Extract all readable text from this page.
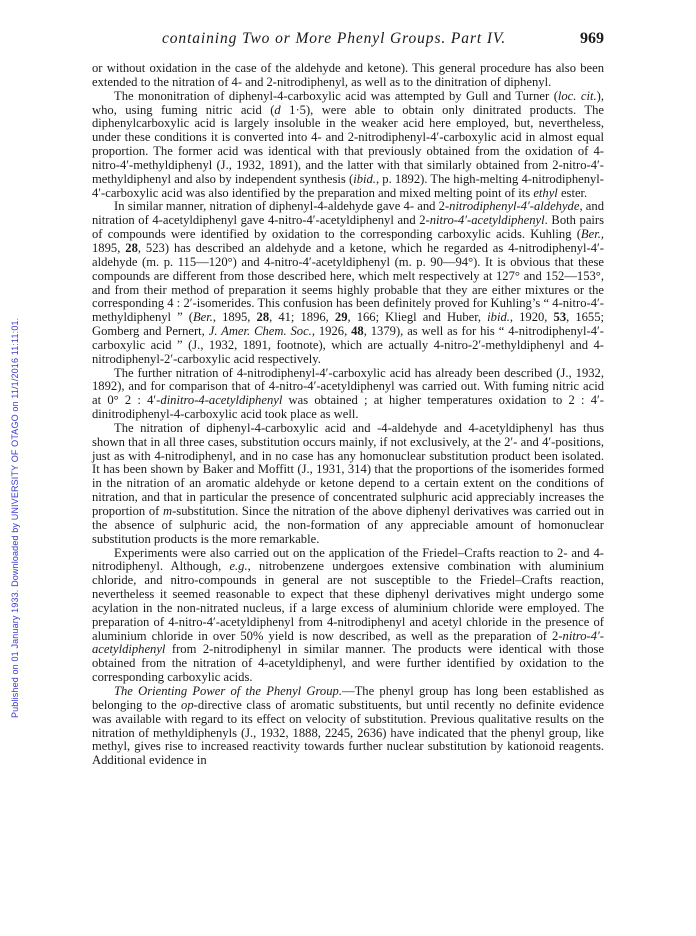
containing Two or More Phenyl Groups. Part IV.	969
Published on 01 January 1933. Downloaded by UNIVERSITY OF OTAGO on 11/1/2016 11:11:01.

or without oxidation in the case of the aldehyde and ketone). This general procedure has also been extended to the nitration of 4- and 2-nitrodiphenyl, as well as to the dinitration of diphenyl.

The mononitration of diphenyl-4-carboxylic acid was attempted by Gull and Turner (loc. cit.), who, using fuming nitric acid (d 1·5), were able to obtain only dinitrated products. The diphenylcarboxylic acid is largely insoluble in the weaker acid here employed, but, nevertheless, under these conditions it is converted into 4- and 2-nitrodiphenyl-4′-carboxylic acid in almost equal proportion. The former acid was identical with that previously obtained from the oxidation of 4-nitro-4′-methyldiphenyl (J., 1932, 1891), and the latter with that similarly obtained from 2-nitro-4′-methyldiphenyl and also by independent synthesis (ibid., p. 1892). The high-melting 4-nitrodiphenyl-4′-carboxylic acid was also identified by the preparation and mixed melting point of its ethyl ester.

In similar manner, nitration of diphenyl-4-aldehyde gave 4- and 2-nitrodiphenyl-4′-aldehyde, and nitration of 4-acetyldiphenyl gave 4-nitro-4′-acetyldiphenyl and 2-nitro-4′-acetyldiphenyl. Both pairs of compounds were identified by oxidation to the corresponding carboxylic acids. Kuhling (Ber., 1895, 28, 523) has described an aldehyde and a ketone, which he regarded as 4-nitrodiphenyl-4′-aldehyde (m. p. 115—120°) and 4-nitro-4′-acetyldiphenyl (m. p. 90—94°). It is obvious that these compounds are different from those described here, which melt respectively at 127° and 152—153°, and from their method of preparation it seems highly probable that they are either mixtures or the corresponding 4 : 2′-isomerides. This confusion has been definitely proved for Kuhling’s “ 4-nitro-4′-methyldiphenyl ” (Ber., 1895, 28, 41; 1896, 29, 166; Kliegl and Huber, ibid., 1920, 53, 1655; Gomberg and Pernert, J. Amer. Chem. Soc., 1926, 48, 1379), as well as for his “ 4-nitrodiphenyl-4′-carboxylic acid ” (J., 1932, 1891, footnote), which are actually 4-nitro-2′-methyldiphenyl and 4-nitrodiphenyl-2′-carboxylic acid respectively.

The further nitration of 4-nitrodiphenyl-4′-carboxylic acid has already been described (J., 1932, 1892), and for comparison that of 4-nitro-4′-acetyldiphenyl was carried out. With fuming nitric acid at 0° 2 : 4′-dinitro-4-acetyldiphenyl was obtained ; at higher temperatures oxidation to 2 : 4′-dinitrodiphenyl-4-carboxylic acid took place as well.

The nitration of diphenyl-4-carboxylic acid and -4-aldehyde and 4-acetyldiphenyl has thus shown that in all three cases, substitution occurs mainly, if not exclusively, at the 2′- and 4′-positions, just as with 4-nitrodiphenyl, and in no case has any homonuclear substitution product been isolated. It has been shown by Baker and Moffitt (J., 1931, 314) that the proportions of the isomerides formed in the nitration of an aromatic aldehyde or ketone depend to a certain extent on the conditions of nitration, and that in particular the presence of concentrated sulphuric acid appreciably increases the proportion of m-substitution. Since the nitration of the above diphenyl derivatives was carried out in the absence of sulphuric acid, the non-formation of any appreciable amount of homonuclear substitution products is the more remarkable.

Experiments were also carried out on the application of the Friedel–Crafts reaction to 2- and 4-nitrodiphenyl. Although, e.g., nitrobenzene undergoes extensive combination with aluminium chloride, and nitro-compounds in general are not susceptible to the Friedel–Crafts reaction, nevertheless it seemed reasonable to expect that these diphenyl derivatives might undergo some acylation in the non-nitrated nucleus, if a large excess of aluminium chloride were employed. The preparation of 4-nitro-4′-acetyldiphenyl from 4-nitrodiphenyl and acetyl chloride in the presence of aluminium chloride in over 50% yield is now described, as well as the preparation of 2-nitro-4′-acetyldiphenyl from 2-nitrodiphenyl in similar manner. The products were identical with those obtained from the nitration of 4-acetyldiphenyl, and were further identified by oxidation to the corresponding carboxylic acids.

The Orienting Power of the Phenyl Group.—The phenyl group has long been established as belonging to the op-directive class of aromatic substituents, but until recently no definite evidence was available with regard to its effect on velocity of substitution. Previous qualitative results on the nitration of methyldiphenyls (J., 1932, 1888, 2245, 2636) have indicated that the phenyl group, like methyl, gives rise to increased reactivity towards further nuclear substitution by kationoid reagents. Additional evidence in
